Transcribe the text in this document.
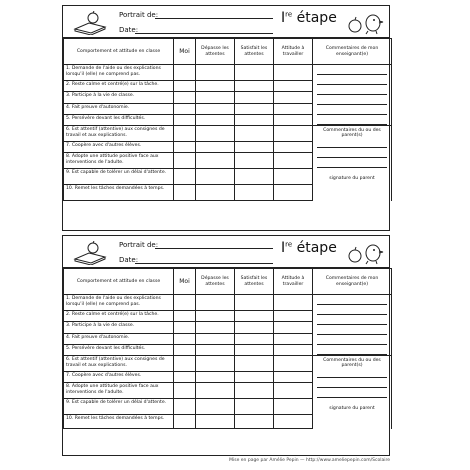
Portrait de:
Date:
Ire étape
Comportement et attitude en classe	Moi	Dépasse les attentes	Satisfait les attentes	Attitude à travailler	Commentaires de mon enseignant(e)
1. Demande de l'aide ou des explications lorsqu'il (elle) ne comprend pas.					

2. Reste calme et centré(e) sur la tâche.					
3. Participe à la vie de classe.					
4. Fait preuve d'autonomie.					
5. Persévère devant les difficultés.					
6. Est attentif (attentive) aux consignes de travail et aux explications.					Commentaires du ou des parent(s)
signature du parent

7. Coopère avec d'autres élèves.					
8. Adopte une attitude positive face aux interventions de l'adulte.					
9. Est capable de tolérer un délai d'attente.					
10. Remet les tâches demandées à temps.					
Portrait de:
Date:
Ire étape
Comportement et attitude en classe	Moi	Dépasse les attentes	Satisfait les attentes	Attitude à travailler	Commentaires de mon enseignant(e)
1. Demande de l'aide ou des explications lorsqu'il (elle) ne comprend pas.					

2. Reste calme et centré(e) sur la tâche.					
3. Participe à la vie de classe.					
4. Fait preuve d'autonomie.					
5. Persévère devant les difficultés.					
6. Est attentif (attentive) aux consignes de travail et aux explications.					Commentaires du ou des parent(s)
signature du parent

7. Coopère avec d'autres élèves.					
8. Adopte une attitude positive face aux interventions de l'adulte.					
9. Est capable de tolérer un délai d'attente.					
10. Remet les tâches demandées à temps.					
Mise en page par Amélie Pepin — http://www.ameliepepin.com/Scolaire
